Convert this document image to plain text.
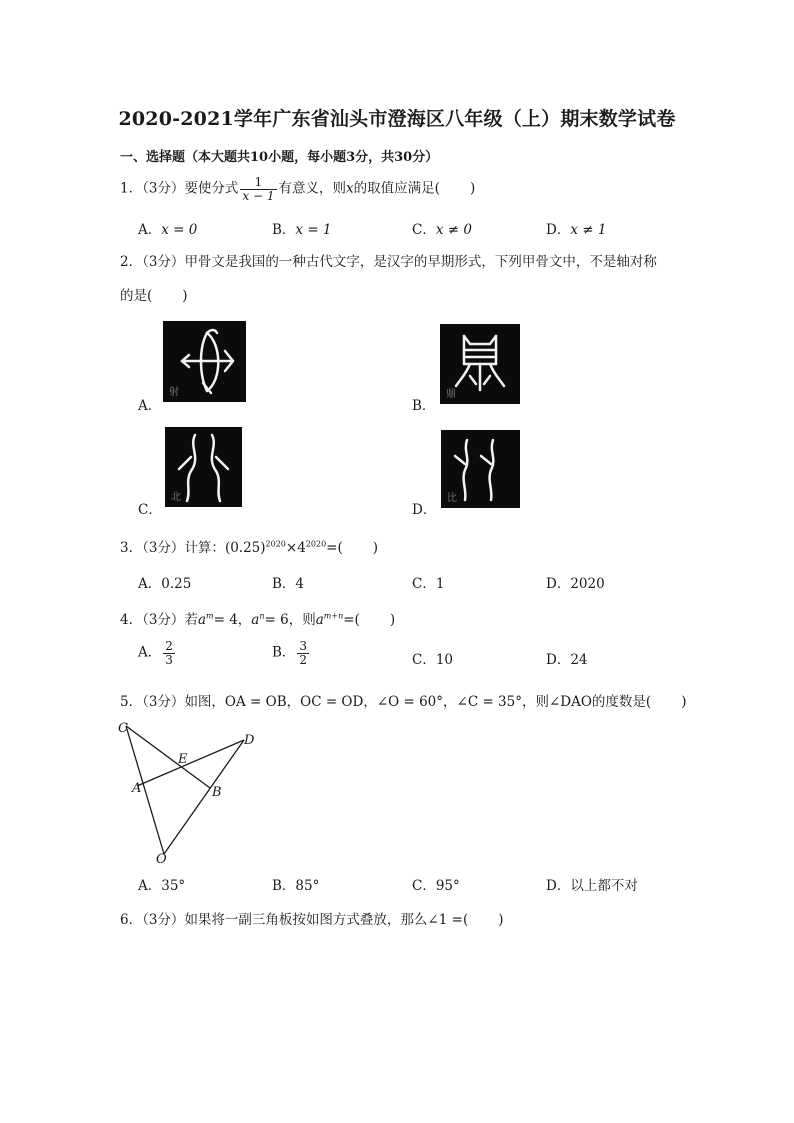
2020-2021学年广东省汕头市澄海区八年级（上）期末数学试卷
一、选择题（本大题共10小题，每小题3分，共30分）
1．（3分）要使分式 $\frac{1}{x - 1}$ 有意义，则x的取值应满足( )
A．x = 0	B．x = 1	C．x ≠ 0	D．x ≠ 1
2．（3分）甲骨文是我国的一种古代文字，是汉字的早期形式，下列甲骨文中，不是轴对称
的是( )
A．
射
B．
鼎
C．
北
D．
比
3．（3分）计算：$(0.25)^{2020}\times 4^{2020}=$( )
A．0.25	B．4	C．1	D．2020
4．（3分）若$a^m= 4$，$a^n= 6$，则$a^{m+n}=$( )
A． $\frac{2}{3}$	B． $\frac{3}{2}$	C．10	D．24
5．（3分）如图，OA = OB，OC = OD，∠O = 60°，∠C = 35°，则∠DAO的度数是( )
C
D
E
A	B
O
A．35°	B．85°	C．95°	D．以上都不对
6．（3分）如果将一副三角板按如图方式叠放，那么∠1 =( )
